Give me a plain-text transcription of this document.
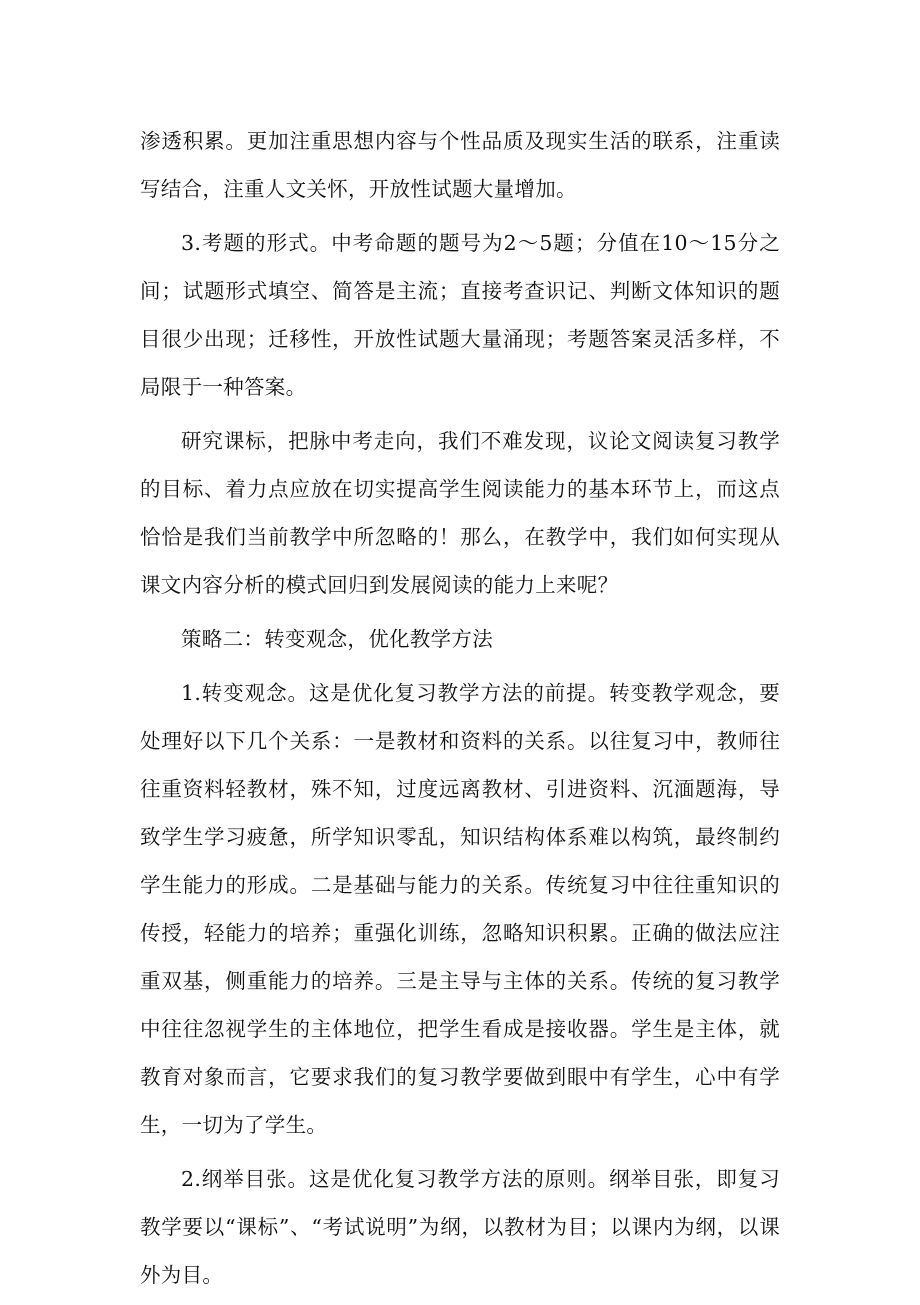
渗透积累。更加注重思想内容与个性品质及现实生活的联系，注重读写结合，注重人文关怀，开放性试题大量增加。

3.考题的形式。中考命题的题号为2～5题；分值在10～15分之间；试题形式填空、简答是主流；直接考查识记、判断文体知识的题目很少出现；迁移性，开放性试题大量涌现；考题答案灵活多样，不局限于一种答案。

研究课标，把脉中考走向，我们不难发现，议论文阅读复习教学的目标、着力点应放在切实提高学生阅读能力的基本环节上，而这点恰恰是我们当前教学中所忽略的！那么，在教学中，我们如何实现从课文内容分析的模式回归到发展阅读的能力上来呢？

策略二：转变观念，优化教学方法

1.转变观念。这是优化复习教学方法的前提。转变教学观念，要处理好以下几个关系：一是教材和资料的关系。以往复习中，教师往往重资料轻教材，殊不知，过度远离教材、引进资料、沉湎题海，导致学生学习疲惫，所学知识零乱，知识结构体系难以构筑，最终制约学生能力的形成。二是基础与能力的关系。传统复习中往往重知识的传授，轻能力的培养；重强化训练，忽略知识积累。正确的做法应注重双基，侧重能力的培养。三是主导与主体的关系。传统的复习教学中往往忽视学生的主体地位，把学生看成是接收器。学生是主体，就教育对象而言，它要求我们的复习教学要做到眼中有学生，心中有学生，一切为了学生。

2.纲举目张。这是优化复习教学方法的原则。纲举目张，即复习教学要以“课标”、“考试说明”为纲，以教材为目；以课内为纲，以课外为目。
